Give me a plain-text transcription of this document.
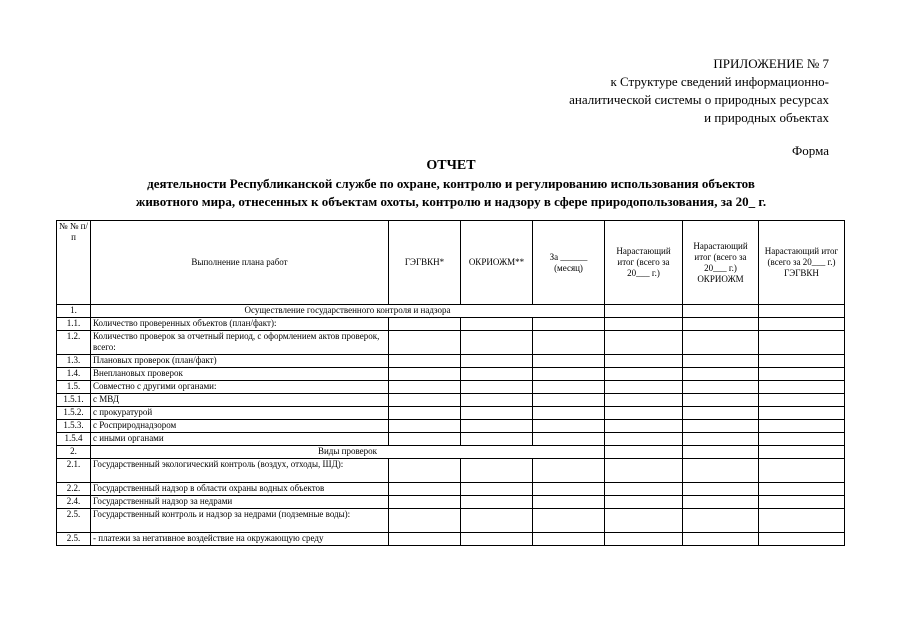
ПРИЛОЖЕНИЕ № 7
к Структуре сведений информационно-
аналитической системы о природных ресурсах
и природных объектах
Форма
ОТЧЕТ
деятельности Республиканской службе по охране, контролю и регулированию использования объектов
животного мира, отнесенных к объектам охоты, контролю и надзору в сфере природопользования, за 20_ г.
№ № п/п	Выполнение плана работ	ГЭГВКН*	ОКРИОЖМ**	За ______ (месяц)	Нарастающий итог (всего за 20___ г.)	Нарастающий итог (всего за 20___ г.) ОКРИОЖМ	Нарастающий итог (всего за 20___ г.) ГЭГВКН
1.	Осуществление государственного контроля и надзора						
1.1.	Количество проверенных объектов (план/факт):						
1.2.	Количество проверок за отчетный период, с оформлением актов проверок, всего:						
1.3.	Плановых проверок (план/факт)						
1.4.	Внеплановых проверок						
1.5.	Совместно с другими органами:						
1.5.1.	с МВД						
1.5.2.	с прокуратурой						
1.5.3.	с Росприроднадзором						
1.5.4	с иными органами						
2.	Виды проверок						
2.1.	Государственный экологический контроль (воздух, отходы, ШД):						
2.2.	Государственный надзор в области охраны водных объектов						
2.4.	Государственный надзор за недрами						
2.5.	Государственный контроль и надзор за недрами (подземные воды):						
2.5.	- платежи за негативное воздействие на окружающую среду						
